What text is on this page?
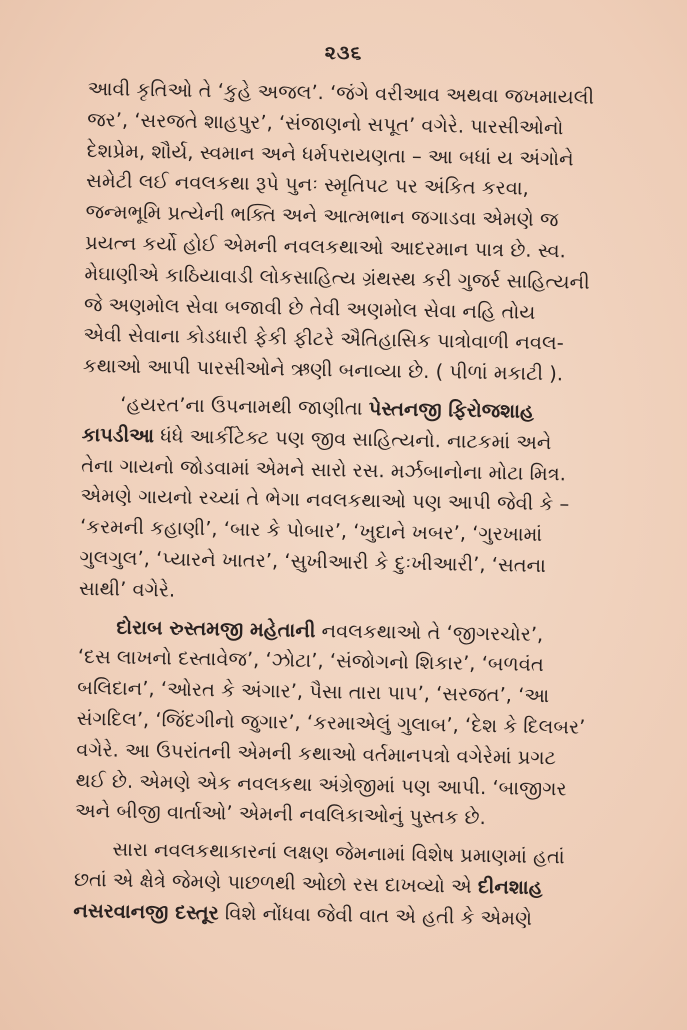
૨૩૬
આવી કૃતિઓ તે ‘કુહે અજલ’. ‘જંગે વરીઆવ અથવા જખમાયલી
જર’, ‘સરજતે શાહપુર’, ‘સંજાણનો સપૂત’ વગેરે. પારસીઓનો
દેશપ્રેમ, શૌર્ય, સ્વમાન અને ધર્મપરાયણતા – આ બધાં ય અંગોને
સમેટી લઈ નવલકથા રૂપે પુનઃ સ્મૃતિપટ પર અંકિત કરવા,
જન્મભૂમિ પ્રત્યેની ભક્તિ અને આત્મભાન જગાડવા એમણે જ
પ્રયત્ન કર્યો હોઈ એમની નવલકથાઓ આદરમાન પાત્ર છે. સ્વ.
મેઘાણીએ કાઠિયાવાડી લોકસાહિત્ય ગ્રંથસ્થ કરી ગુજર્ર સાહિત્યની
જે અણમોલ સેવા બજાવી છે તેવી અણમોલ સેવા નહિ તોય
એવી સેવાના કોડધારી ફેકી ફીટરે ઐતિહાસિક પાત્રોવાળી નવલ-
કથાઓ આપી પારસીઓને ઋણી બનાવ્યા છે. ( પીળાં મકાટી ).
‘હયરત’ના ઉપનામથી જાણીતા પેસ્તનજી ફિરોજશાહ
કાપડીઆ ધંધે આર્કીટેક્ટ પણ જીવ સાહિત્યનો. નાટકમાં અને
તેના ગાયનો જોડવામાં એમને સારો રસ. મર્ઝબાનોના મોટા મિત્ર.
એમણે ગાયનો રચ્યાં તે ભેગા નવલકથાઓ પણ આપી જેવી કે –
‘કરમની કહાણી’, ‘બાર કે પોબાર’, ‘ખુદાને ખબર’, ‘ગુરખામાં
ગુલગુલ’, ‘પ્યારને ખાતર’, ‘સુખીઆરી કે દુઃખીઆરી’, ‘સતના
સાથી’ વગેરે.
દોરાબ રુસ્તમજી મહેતાની નવલકથાઓ તે ‘જીગરચોર’,
‘દસ લાખનો દસ્તાવેજ’, ‘ઝોટા’, ‘સંજોગનો શિકાર’, ‘બળવંત
બલિદાન’, ‘ઓરત કે અંગાર’, પૈસા તારા પાપ’, ‘સરજત’, ‘આ
સંગદિલ’, ‘જિંદગીનો જુગાર’, ‘કરમાએલું ગુલાબ’, ‘દેશ કે દિલબર’
વગેરે. આ ઉપરાંતની એમની કથાઓ વર્તમાનપત્રો વગેરેમાં પ્રગટ
થઈ છે. એમણે એક નવલકથા અંગ્રેજીમાં પણ આપી. ‘બાજીગર
અને બીજી વાર્તાઓ’ એમની નવલિકાઓનું પુસ્તક છે.
સારા નવલકથાકારનાં લક્ષણ જેમનામાં વિશેષ પ્રમાણમાં હતાં
છતાં એ ક્ષેત્રે જેમણે પાછળથી ઓછો રસ દાખવ્યો એ દીનશાહ
નસરવાનજી દસ્તૂર વિશે નોંધવા જેવી વાત એ હતી કે એમણે
